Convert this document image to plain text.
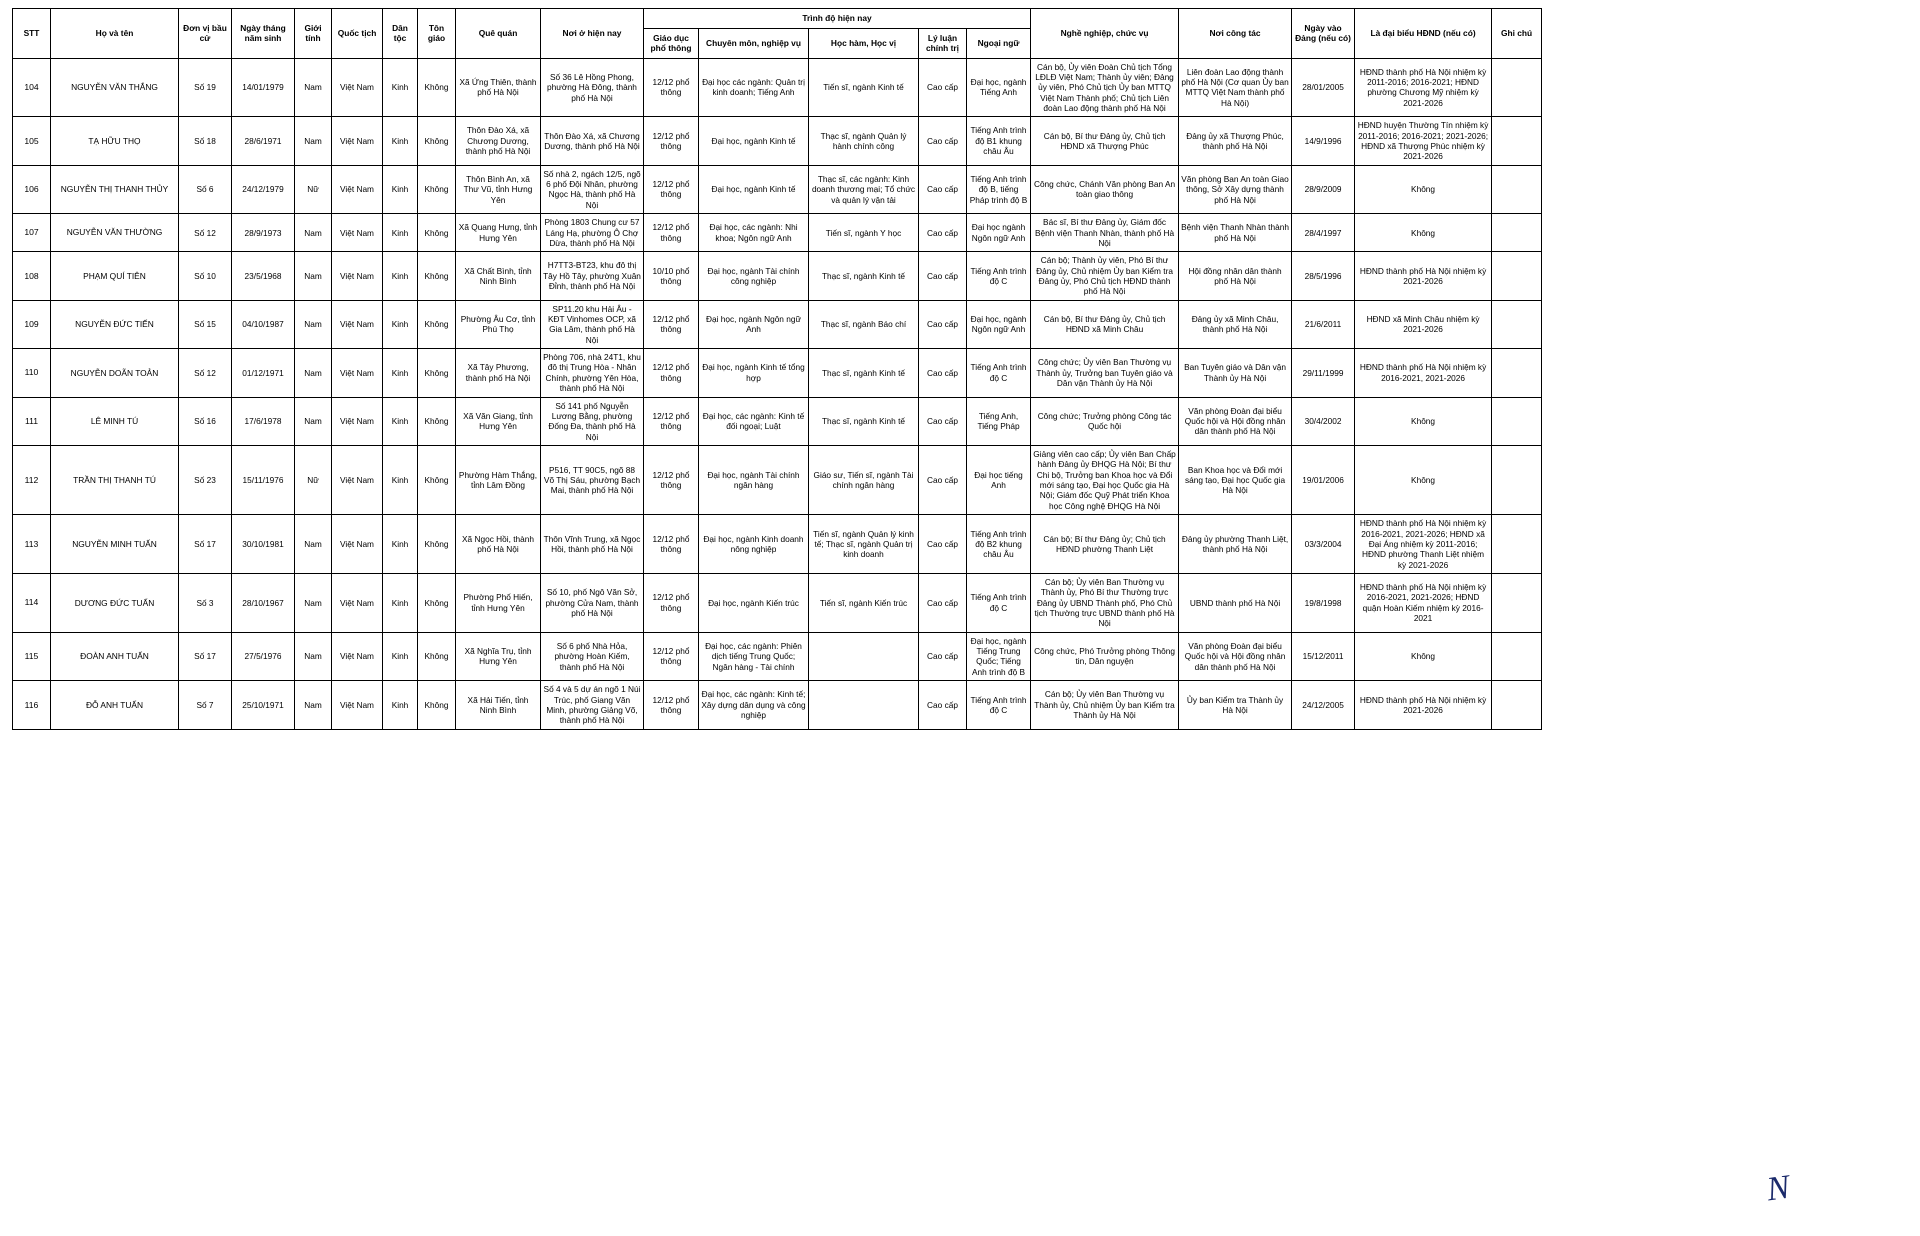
STT	Họ và tên	Đơn vị bầu cử	Ngày tháng năm sinh	Giới tính	Quốc tịch	Dân tộc	Tôn giáo	Quê quán	Nơi ở hiện nay	Trình độ hiện nay					Nghề nghiệp, chức vụ	Nơi công tác	Ngày vào Đảng (nếu có)	Là đại biểu HĐND (nếu có)	Ghi chú
										Giáo dục phổ thông	Chuyên môn, nghiệp vụ	Học hàm, Học vị	Lý luận chính trị	Ngoại ngữ					
104	NGUYỄN VĂN THẮNG	Số 19	14/01/1979	Nam	Việt Nam	Kinh	Không	Xã Ứng Thiên, thành phố Hà Nội	Số 36 Lê Hồng Phong, phường Hà Đông, thành phố Hà Nội	12/12 phổ thông	Đại học các ngành: Quản trị kinh doanh; Tiếng Anh	Tiến sĩ, ngành Kinh tế	Cao cấp	Đại học, ngành Tiếng Anh	Cán bộ, Ủy viên Đoàn Chủ tịch Tổng LĐLĐ Việt Nam; Thành ủy viên; Đảng ủy viên, Phó Chủ tịch Ủy ban MTTQ Việt Nam Thành phố; Chủ tịch Liên đoàn Lao động thành phố Hà Nội	Liên đoàn Lao động thành phố Hà Nội (Cơ quan Ủy ban MTTQ Việt Nam thành phố Hà Nội)	28/01/2005	HĐND thành phố Hà Nội nhiệm kỳ 2011-2016; 2016-2021; HĐND phường Chương Mỹ nhiệm kỳ 2021-2026	
105	TẠ HỮU THỌ	Số 18	28/6/1971	Nam	Việt Nam	Kinh	Không	Thôn Đào Xá, xã Chương Dương, thành phố Hà Nội	Thôn Đào Xá, xã Chương Dương, thành phố Hà Nội	12/12 phổ thông	Đại học, ngành Kinh tế	Thạc sĩ, ngành Quản lý hành chính công	Cao cấp	Tiếng Anh trình độ B1 khung châu Âu	Cán bộ, Bí thư Đảng ủy, Chủ tịch HĐND xã Thượng Phúc	Đảng ủy xã Thượng Phúc, thành phố Hà Nội	14/9/1996	HĐND huyện Thường Tín nhiệm kỳ 2011-2016; 2016-2021; 2021-2026; HĐND xã Thượng Phúc nhiệm kỳ 2021-2026	
106	NGUYỄN THỊ THANH THỦY	Số 6	24/12/1979	Nữ	Việt Nam	Kinh	Không	Thôn Bình An, xã Thư Vũ, tỉnh Hưng Yên	Số nhà 2, ngách 12/5, ngõ 6 phố Đội Nhân, phường Ngọc Hà, thành phố Hà Nội	12/12 phổ thông	Đại học, ngành Kinh tế	Thạc sĩ, các ngành: Kinh doanh thương mại; Tổ chức và quản lý vận tải	Cao cấp	Tiếng Anh trình độ B, tiếng Pháp trình độ B	Công chức, Chánh Văn phòng Ban An toàn giao thông	Văn phòng Ban An toàn Giao thông, Sở Xây dựng thành phố Hà Nội	28/9/2009	Không	
107	NGUYỄN VĂN THƯỜNG	Số 12	28/9/1973	Nam	Việt Nam	Kinh	Không	Xã Quang Hưng, tỉnh Hưng Yên	Phòng 1803 Chung cư 57 Láng Hạ, phường Ô Chợ Dừa, thành phố Hà Nội	12/12 phổ thông	Đại học, các ngành: Nhi khoa; Ngôn ngữ Anh	Tiến sĩ, ngành Y học	Cao cấp	Đại học ngành Ngôn ngữ Anh	Bác sĩ, Bí thư Đảng ủy, Giám đốc Bệnh viện Thanh Nhàn, thành phố Hà Nội	Bệnh viện Thanh Nhàn thành phố Hà Nội	28/4/1997	Không	
108	PHẠM QUÍ TIÊN	Số 10	23/5/1968	Nam	Việt Nam	Kinh	Không	Xã Chất Bình, tỉnh Ninh Bình	H7TT3-BT23, khu đô thị Tây Hồ Tây, phường Xuân Đỉnh, thành phố Hà Nội	10/10 phổ thông	Đại học, ngành Tài chính công nghiệp	Thạc sĩ, ngành Kinh tế	Cao cấp	Tiếng Anh trình độ C	Cán bộ; Thành ủy viên, Phó Bí thư Đảng ủy, Chủ nhiệm Ủy ban Kiểm tra Đảng ủy, Phó Chủ tịch HĐND thành phố Hà Nội	Hội đồng nhân dân thành phố Hà Nội	28/5/1996	HĐND thành phố Hà Nội nhiệm kỳ 2021-2026	
109	NGUYỄN ĐỨC TIẾN	Số 15	04/10/1987	Nam	Việt Nam	Kinh	Không	Phường Âu Cơ, tỉnh Phú Thọ	SP11.20 khu Hải Âu - KĐT Vinhomes OCP, xã Gia Lâm, thành phố Hà Nội	12/12 phổ thông	Đại học, ngành Ngôn ngữ Anh	Thạc sĩ, ngành Báo chí	Cao cấp	Đại học, ngành Ngôn ngữ Anh	Cán bộ, Bí thư Đảng ủy, Chủ tịch HĐND xã Minh Châu	Đảng ủy xã Minh Châu, thành phố Hà Nội	21/6/2011	HĐND xã Minh Châu nhiệm kỳ 2021-2026	
110	NGUYỄN DOÃN TOẢN	Số 12	01/12/1971	Nam	Việt Nam	Kinh	Không	Xã Tây Phương, thành phố Hà Nội	Phòng 706, nhà 24T1, khu đô thị Trung Hòa - Nhân Chính, phường Yên Hòa, thành phố Hà Nội	12/12 phổ thông	Đại học, ngành Kinh tế tổng hợp	Thạc sĩ, ngành Kinh tế	Cao cấp	Tiếng Anh trình độ C	Công chức; Ủy viên Ban Thường vụ Thành ủy, Trưởng ban Tuyên giáo và Dân vận Thành ủy Hà Nội	Ban Tuyên giáo và Dân vận Thành ủy Hà Nội	29/11/1999	HĐND thành phố Hà Nội nhiệm kỳ 2016-2021, 2021-2026	
111	LÊ MINH TÚ	Số 16	17/6/1978	Nam	Việt Nam	Kinh	Không	Xã Văn Giang, tỉnh Hưng Yên	Số 141 phố Nguyễn Lương Bằng, phường Đống Đa, thành phố Hà Nội	12/12 phổ thông	Đại học, các ngành: Kinh tế đối ngoại; Luật	Thạc sĩ, ngành Kinh tế	Cao cấp	Tiếng Anh, Tiếng Pháp	Công chức; Trưởng phòng Công tác Quốc hội	Văn phòng Đoàn đại biểu Quốc hội và Hội đồng nhân dân thành phố Hà Nội	30/4/2002	Không	
112	TRẦN THỊ THANH TÚ	Số 23	15/11/1976	Nữ	Việt Nam	Kinh	Không	Phường Hàm Thắng, tỉnh Lâm Đồng	P516, TT 90C5, ngõ 88 Võ Thị Sáu, phường Bạch Mai, thành phố Hà Nội	12/12 phổ thông	Đại học, ngành Tài chính ngân hàng	Giáo sư, Tiến sĩ, ngành Tài chính ngân hàng	Cao cấp	Đại học tiếng Anh	Giảng viên cao cấp; Ủy viên Ban Chấp hành Đảng ủy ĐHQG Hà Nội; Bí thư Chi bộ, Trưởng ban Khoa học và Đổi mới sáng tạo, Đại học Quốc gia Hà Nội; Giám đốc Quỹ Phát triển Khoa học Công nghệ ĐHQG Hà Nội	Ban Khoa học và Đổi mới sáng tạo, Đại học Quốc gia Hà Nội	19/01/2006	Không	
113	NGUYỄN MINH TUẤN	Số 17	30/10/1981	Nam	Việt Nam	Kinh	Không	Xã Ngọc Hồi, thành phố Hà Nội	Thôn Vĩnh Trung, xã Ngọc Hồi, thành phố Hà Nội	12/12 phổ thông	Đại học, ngành Kinh doanh nông nghiệp	Tiến sĩ, ngành Quản lý kinh tế; Thạc sĩ, ngành Quản trị kinh doanh	Cao cấp	Tiếng Anh trình độ B2 khung châu Âu	Cán bộ; Bí thư Đảng ủy; Chủ tịch HĐND phường Thanh Liệt	Đảng ủy phường Thanh Liệt, thành phố Hà Nội	03/3/2004	HĐND thành phố Hà Nội nhiệm kỳ 2016-2021, 2021-2026; HĐND xã Đại Áng nhiệm kỳ 2011-2016; HĐND phường Thanh Liệt nhiệm kỳ 2021-2026	
114	DƯƠNG ĐỨC TUẤN	Số 3	28/10/1967	Nam	Việt Nam	Kinh	Không	Phường Phố Hiến, tỉnh Hưng Yên	Số 10, phố Ngô Văn Sở, phường Cửa Nam, thành phố Hà Nội	12/12 phổ thông	Đại học, ngành Kiến trúc	Tiến sĩ, ngành Kiến trúc	Cao cấp	Tiếng Anh trình độ C	Cán bộ; Ủy viên Ban Thường vụ Thành ủy, Phó Bí thư Thường trực Đảng ủy UBND Thành phố, Phó Chủ tịch Thường trực UBND thành phố Hà Nội	UBND thành phố Hà Nội	19/8/1998	HĐND thành phố Hà Nội nhiệm kỳ 2016-2021, 2021-2026; HĐND quận Hoàn Kiếm nhiệm kỳ 2016-2021	
115	ĐOÀN ANH TUẤN	Số 17	27/5/1976	Nam	Việt Nam	Kinh	Không	Xã Nghĩa Trụ, tỉnh Hưng Yên	Số 6 phố Nhà Hỏa, phường Hoàn Kiếm, thành phố Hà Nội	12/12 phổ thông	Đại học, các ngành: Phiên dịch tiếng Trung Quốc; Ngân hàng - Tài chính		Cao cấp	Đại học, ngành Tiếng Trung Quốc; Tiếng Anh trình độ B	Công chức, Phó Trưởng phòng Thông tin, Dân nguyện	Văn phòng Đoàn đại biểu Quốc hội và Hội đồng nhân dân thành phố Hà Nội	15/12/2011	Không	
116	ĐỖ ANH TUẤN	Số 7	25/10/1971	Nam	Việt Nam	Kinh	Không	Xã Hải Tiến, tỉnh Ninh Bình	Số 4 và 5 dự án ngõ 1 Núi Trúc, phố Giang Văn Minh, phường Giảng Võ, thành phố Hà Nội	12/12 phổ thông	Đại học, các ngành: Kinh tế; Xây dựng dân dụng và công nghiệp		Cao cấp	Tiếng Anh trình độ C	Cán bộ; Ủy viên Ban Thường vụ Thành ủy, Chủ nhiệm Ủy ban Kiểm tra Thành ủy Hà Nội	Ủy ban Kiểm tra Thành ủy Hà Nội	24/12/2005	HĐND thành phố Hà Nội nhiệm kỳ 2021-2026	
N
